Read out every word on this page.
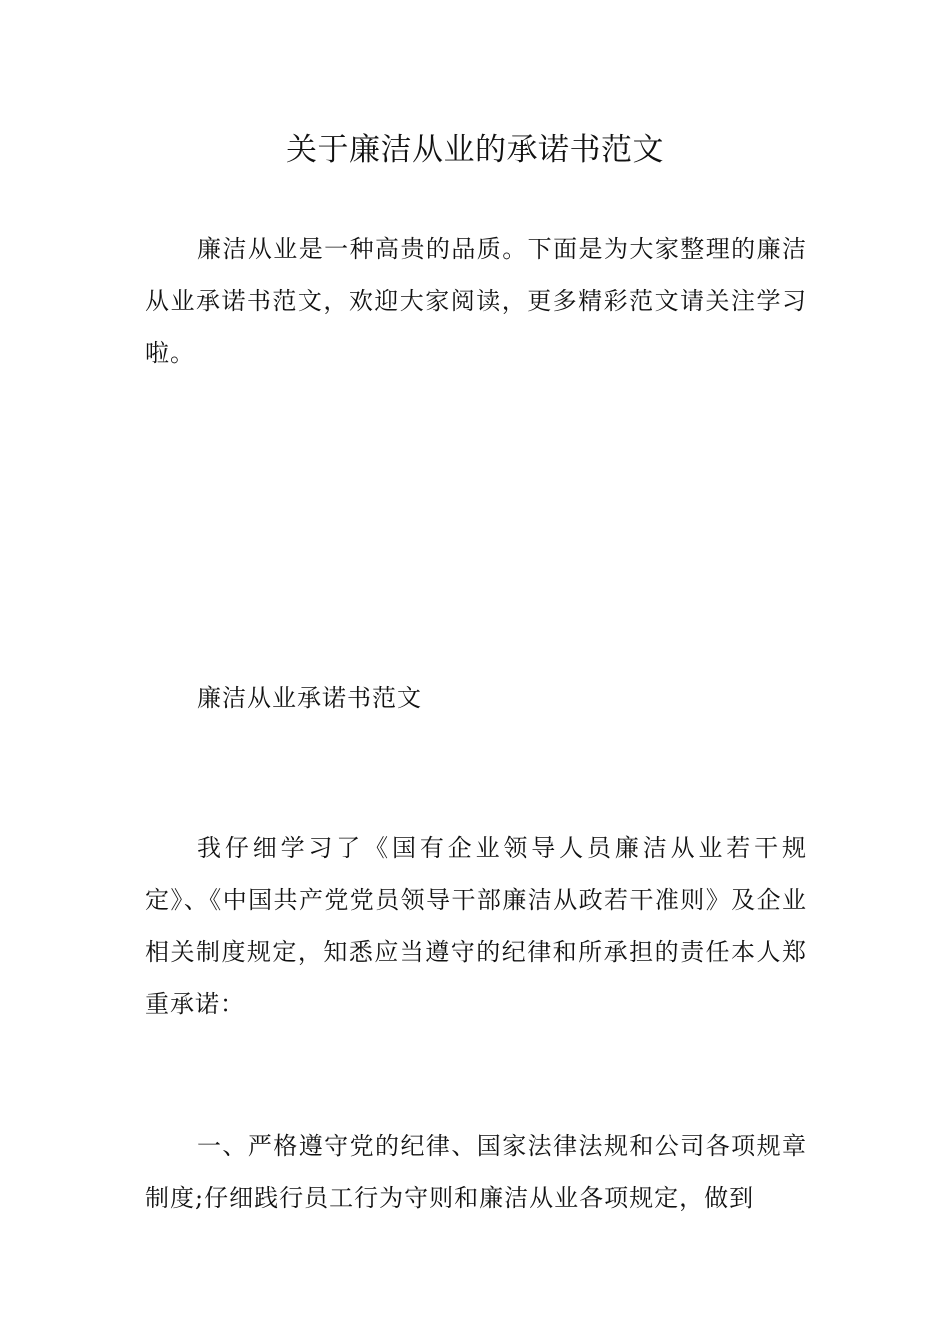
关于廉洁从业的承诺书范文

廉洁从业是一种高贵的品质。下面是为大家整理的廉洁从业承诺书范文，欢迎大家阅读，更多精彩范文请关注学习啦。

廉洁从业承诺书范文

我仔细学习了《国有企业领导人员廉洁从业若干规定》、《中国共产党党员领导干部廉洁从政若干准则》及企业相关制度规定，知悉应当遵守的纪律和所承担的责任本人郑重承诺：

一、严格遵守党的纪律、国家法律法规和公司各项规章制度;仔细践行员工行为守则和廉洁从业各项规定，做到
